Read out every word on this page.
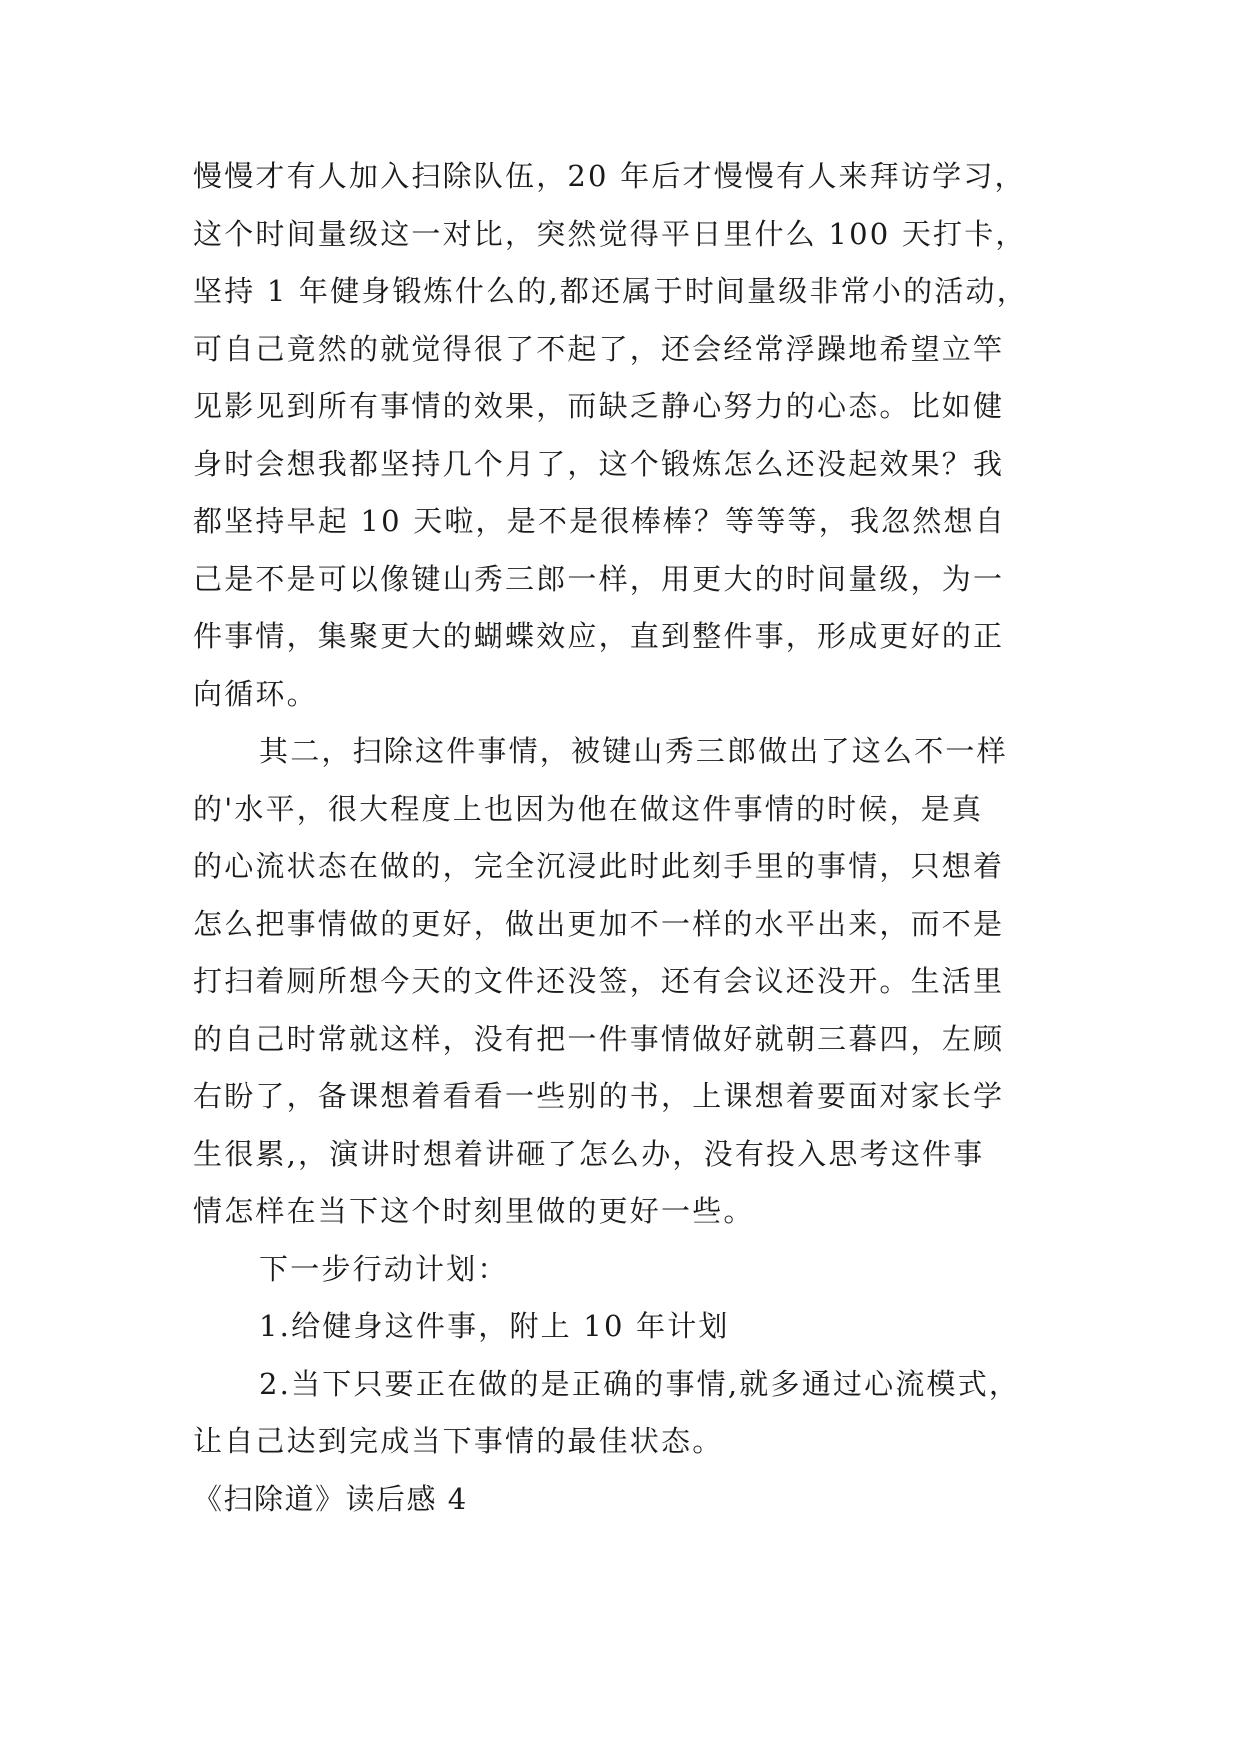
慢慢才有人加入扫除队伍，20 年后才慢慢有人来拜访学习，
这个时间量级这一对比，突然觉得平日里什么 100 天打卡，
坚持 1 年健身锻炼什么的,都还属于时间量级非常小的活动，
可自己竟然的就觉得很了不起了，还会经常浮躁地希望立竿
见影见到所有事情的效果，而缺乏静心努力的心态。比如健
身时会想我都坚持几个月了，这个锻炼怎么还没起效果？我
都坚持早起 10 天啦，是不是很棒棒？等等等，我忽然想自
己是不是可以像键山秀三郎一样，用更大的时间量级，为一
件事情，集聚更大的蝴蝶效应，直到整件事，形成更好的正
向循环。
其二，扫除这件事情，被键山秀三郎做出了这么不一样
的'水平，很大程度上也因为他在做这件事情的时候，是真
的心流状态在做的，完全沉浸此时此刻手里的事情，只想着
怎么把事情做的更好，做出更加不一样的水平出来，而不是
打扫着厕所想今天的文件还没签，还有会议还没开。生活里
的自己时常就这样，没有把一件事情做好就朝三暮四，左顾
右盼了，备课想着看看一些别的书，上课想着要面对家长学
生很累,，演讲时想着讲砸了怎么办，没有投入思考这件事
情怎样在当下这个时刻里做的更好一些。
下一步行动计划：
1.给健身这件事，附上 10 年计划
2.当下只要正在做的是正确的事情,就多通过心流模式，
让自己达到完成当下事情的最佳状态。
《扫除道》读后感 4
